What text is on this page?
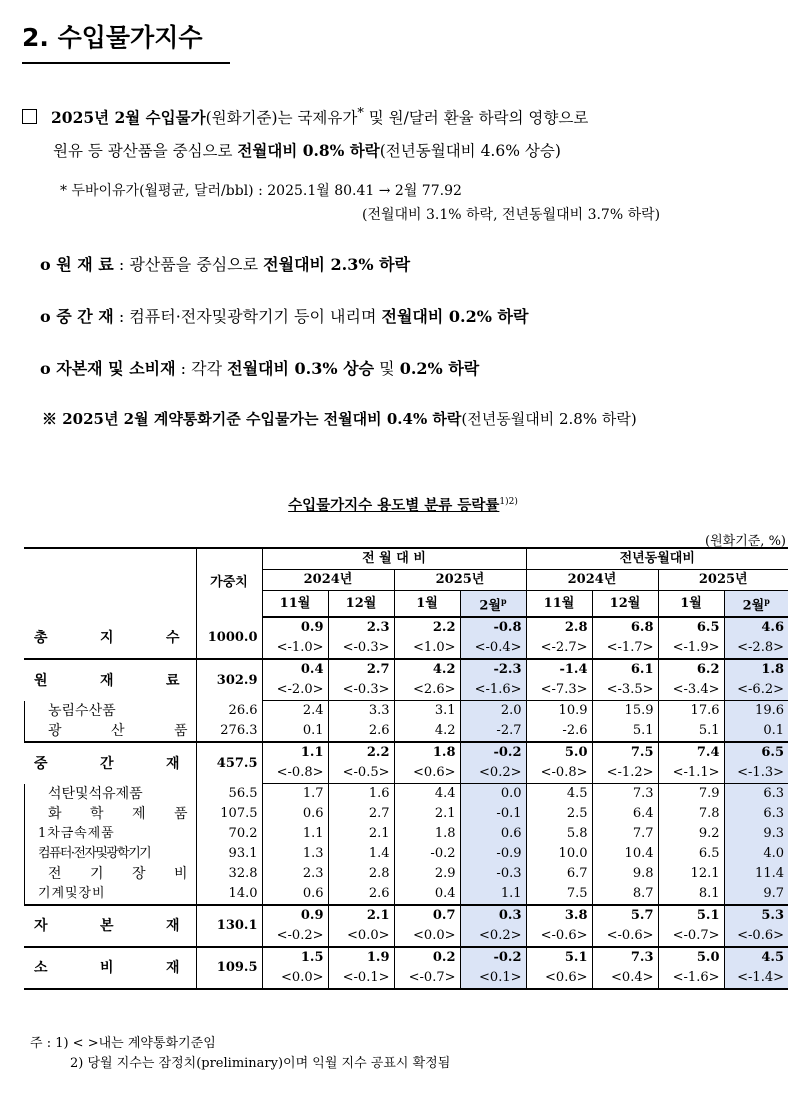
2. 수입물가지수
2025년 2월 수입물가(원화기준)는 국제유가* 및 원/달러 환율 하락의 영향으로
원유 등 광산품을 중심으로 전월대비 0.8% 하락(전년동월대비 4.6% 상승)
* 두바이유가(월평균, 달러/bbl) : 2025.1월 80.41 → 2월 77.92
(전월대비 3.1% 하락, 전년동월대비 3.7% 하락)
o 원 재 료 : 광산품을 중심으로 전월대비 2.3% 하락
o 중 간 재 : 컴퓨터·전자및광학기기 등이 내리며 전월대비 0.2% 하락
o 자본재 및 소비재 : 각각 전월대비 0.3% 상승 및 0.2% 하락
※ 2025년 2월 계약통화기준 수입물가는 전월대비 0.4% 하락(전년동월대비 2.8% 하락)
수입물가지수 용도별 분류 등락률$^{1)2)}$
(원화기준, %)
	가중치	전 월 대 비				전년동월대비			
		2024년		2025년		2024년		2025년	
		11월	12월	1월	2월$^p$	11월	12월	1월	2월$^p$
총 지 수	1000.0	0.9	2.3	2.2	-0.8	2.8	6.8	6.5	4.6
		<-1.0>	<-0.3>	<1.0>	<-0.4>	<-2.7>	<-1.7>	<-1.9>	<-2.8>
원 재 료	302.9	0.4	2.7	4.2	-2.3	-1.4	6.1	6.2	1.8
		<-2.0>	<-0.3>	<2.6>	<-1.6>	<-7.3>	<-3.5>	<-3.4>	<-6.2>
농림수산품	26.6	2.4	3.3	3.1	2.0	10.9	15.9	17.6	19.6
광 산 품	276.3	0.1	2.6	4.2	-2.7	-2.6	5.1	5.1	0.1
중 간 재	457.5	1.1	2.2	1.8	-0.2	5.0	7.5	7.4	6.5
		<-0.8>	<-0.5>	<0.6>	<0.2>	<-0.8>	<-1.2>	<-1.1>	<-1.3>
석탄및석유제품	56.5	1.7	1.6	4.4	0.0	4.5	7.3	7.9	6.3
화 학 제 품	107.5	0.6	2.7	2.1	-0.1	2.5	6.4	7.8	6.3
1 차 금 속 제 품	70.2	1.1	2.1	1.8	0.6	5.8	7.7	9.2	9.3
컴퓨터·전자및광학기기	93.1	1.3	1.4	-0.2	-0.9	10.0	10.4	6.5	4.0
전 기 장 비	32.8	2.3	2.8	2.9	-0.3	6.7	9.8	12.1	11.4
기 계 및 장 비	14.0	0.6	2.6	0.4	1.1	7.5	8.7	8.1	9.7
자 본 재	130.1	0.9	2.1	0.7	0.3	3.8	5.7	5.1	5.3
		<-0.2>	<0.0>	<0.0>	<0.2>	<-0.6>	<-0.6>	<-0.7>	<-0.6>
소 비 재	109.5	1.5	1.9	0.2	-0.2	5.1	7.3	5.0	4.5
		<0.0>	<-0.1>	<-0.7>	<0.1>	<0.6>	<0.4>	<-1.6>	<-1.4>
주 : 1) < >내는 계약통화기준임
2) 당월 지수는 잠정치(preliminary)이며 익월 지수 공표시 확정됨
